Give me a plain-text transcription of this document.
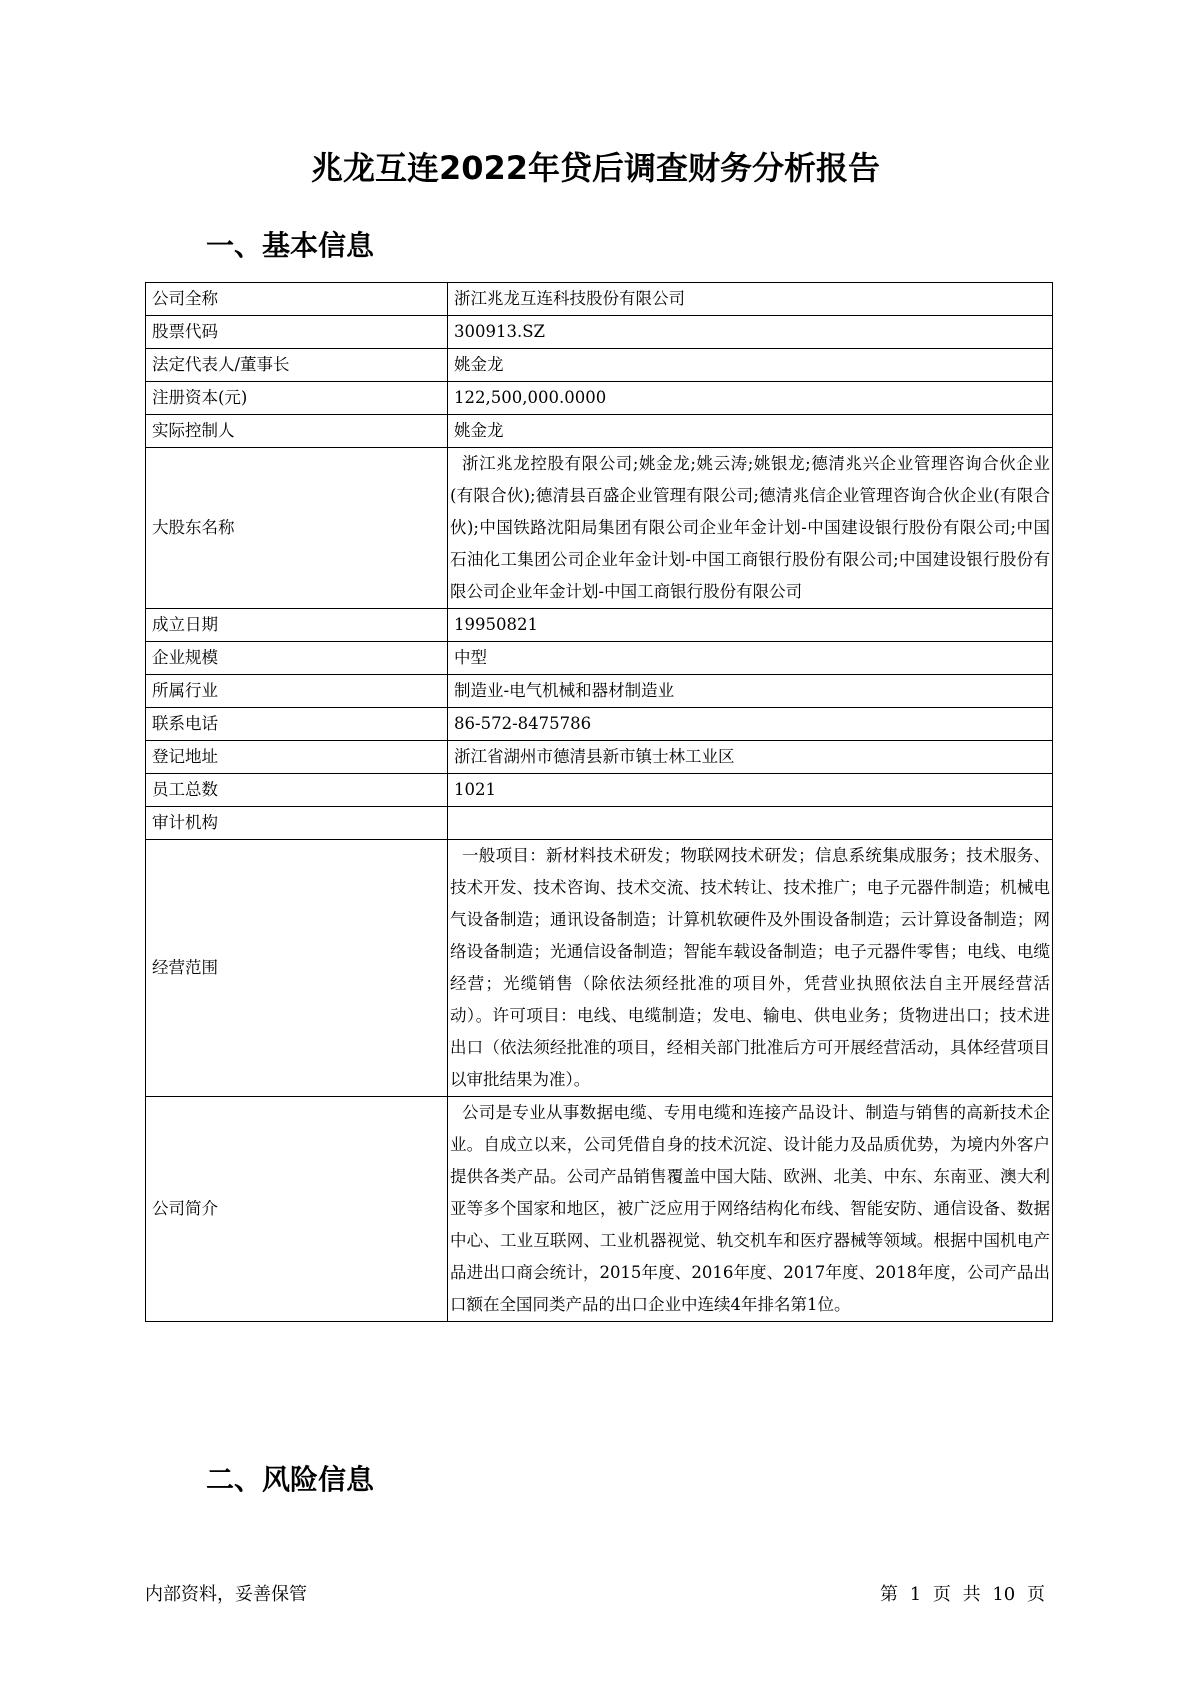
兆龙互连2022年贷后调查财务分析报告
一、基本信息
公司全称	浙江兆龙互连科技股份有限公司
股票代码	300913.SZ
法定代表人/董事长	姚金龙
注册资本(元)	122,500,000.0000
实际控制人	姚金龙
大股东名称	浙江兆龙控股有限公司;姚金龙;姚云涛;姚银龙;德清兆兴企业管理咨询合伙企业(有限合伙);德清县百盛企业管理有限公司;德清兆信企业管理咨询合伙企业(有限合伙);中国铁路沈阳局集团有限公司企业年金计划-中国建设银行股份有限公司;中国石油化工集团公司企业年金计划-中国工商银行股份有限公司;中国建设银行股份有限公司企业年金计划-中国工商银行股份有限公司
成立日期	19950821
企业规模	中型
所属行业	制造业-电气机械和器材制造业
联系电话	86-572-8475786
登记地址	浙江省湖州市德清县新市镇士林工业区
员工总数	1021
审计机构	
经营范围	一般项目：新材料技术研发；物联网技术研发；信息系统集成服务；技术服务、技术开发、技术咨询、技术交流、技术转让、技术推广；电子元器件制造；机械电气设备制造；通讯设备制造；计算机软硬件及外围设备制造；云计算设备制造；网络设备制造；光通信设备制造；智能车载设备制造；电子元器件零售；电线、电缆经营；光缆销售（除依法须经批准的项目外，凭营业执照依法自主开展经营活动）。许可项目：电线、电缆制造；发电、输电、供电业务；货物进出口；技术进出口（依法须经批准的项目，经相关部门批准后方可开展经营活动，具体经营项目以审批结果为准）。
公司简介	公司是专业从事数据电缆、专用电缆和连接产品设计、制造与销售的高新技术企业。自成立以来，公司凭借自身的技术沉淀、设计能力及品质优势，为境内外客户提供各类产品。公司产品销售覆盖中国大陆、欧洲、北美、中东、东南亚、澳大利亚等多个国家和地区，被广泛应用于网络结构化布线、智能安防、通信设备、数据中心、工业互联网、工业机器视觉、轨交机车和医疗器械等领域。根据中国机电产品进出口商会统计，2015年度、2016年度、2017年度、2018年度，公司产品出口额在全国同类产品的出口企业中连续4年排名第1位。
二、风险信息
内部资料，妥善保管	第 1 页 共 10 页
